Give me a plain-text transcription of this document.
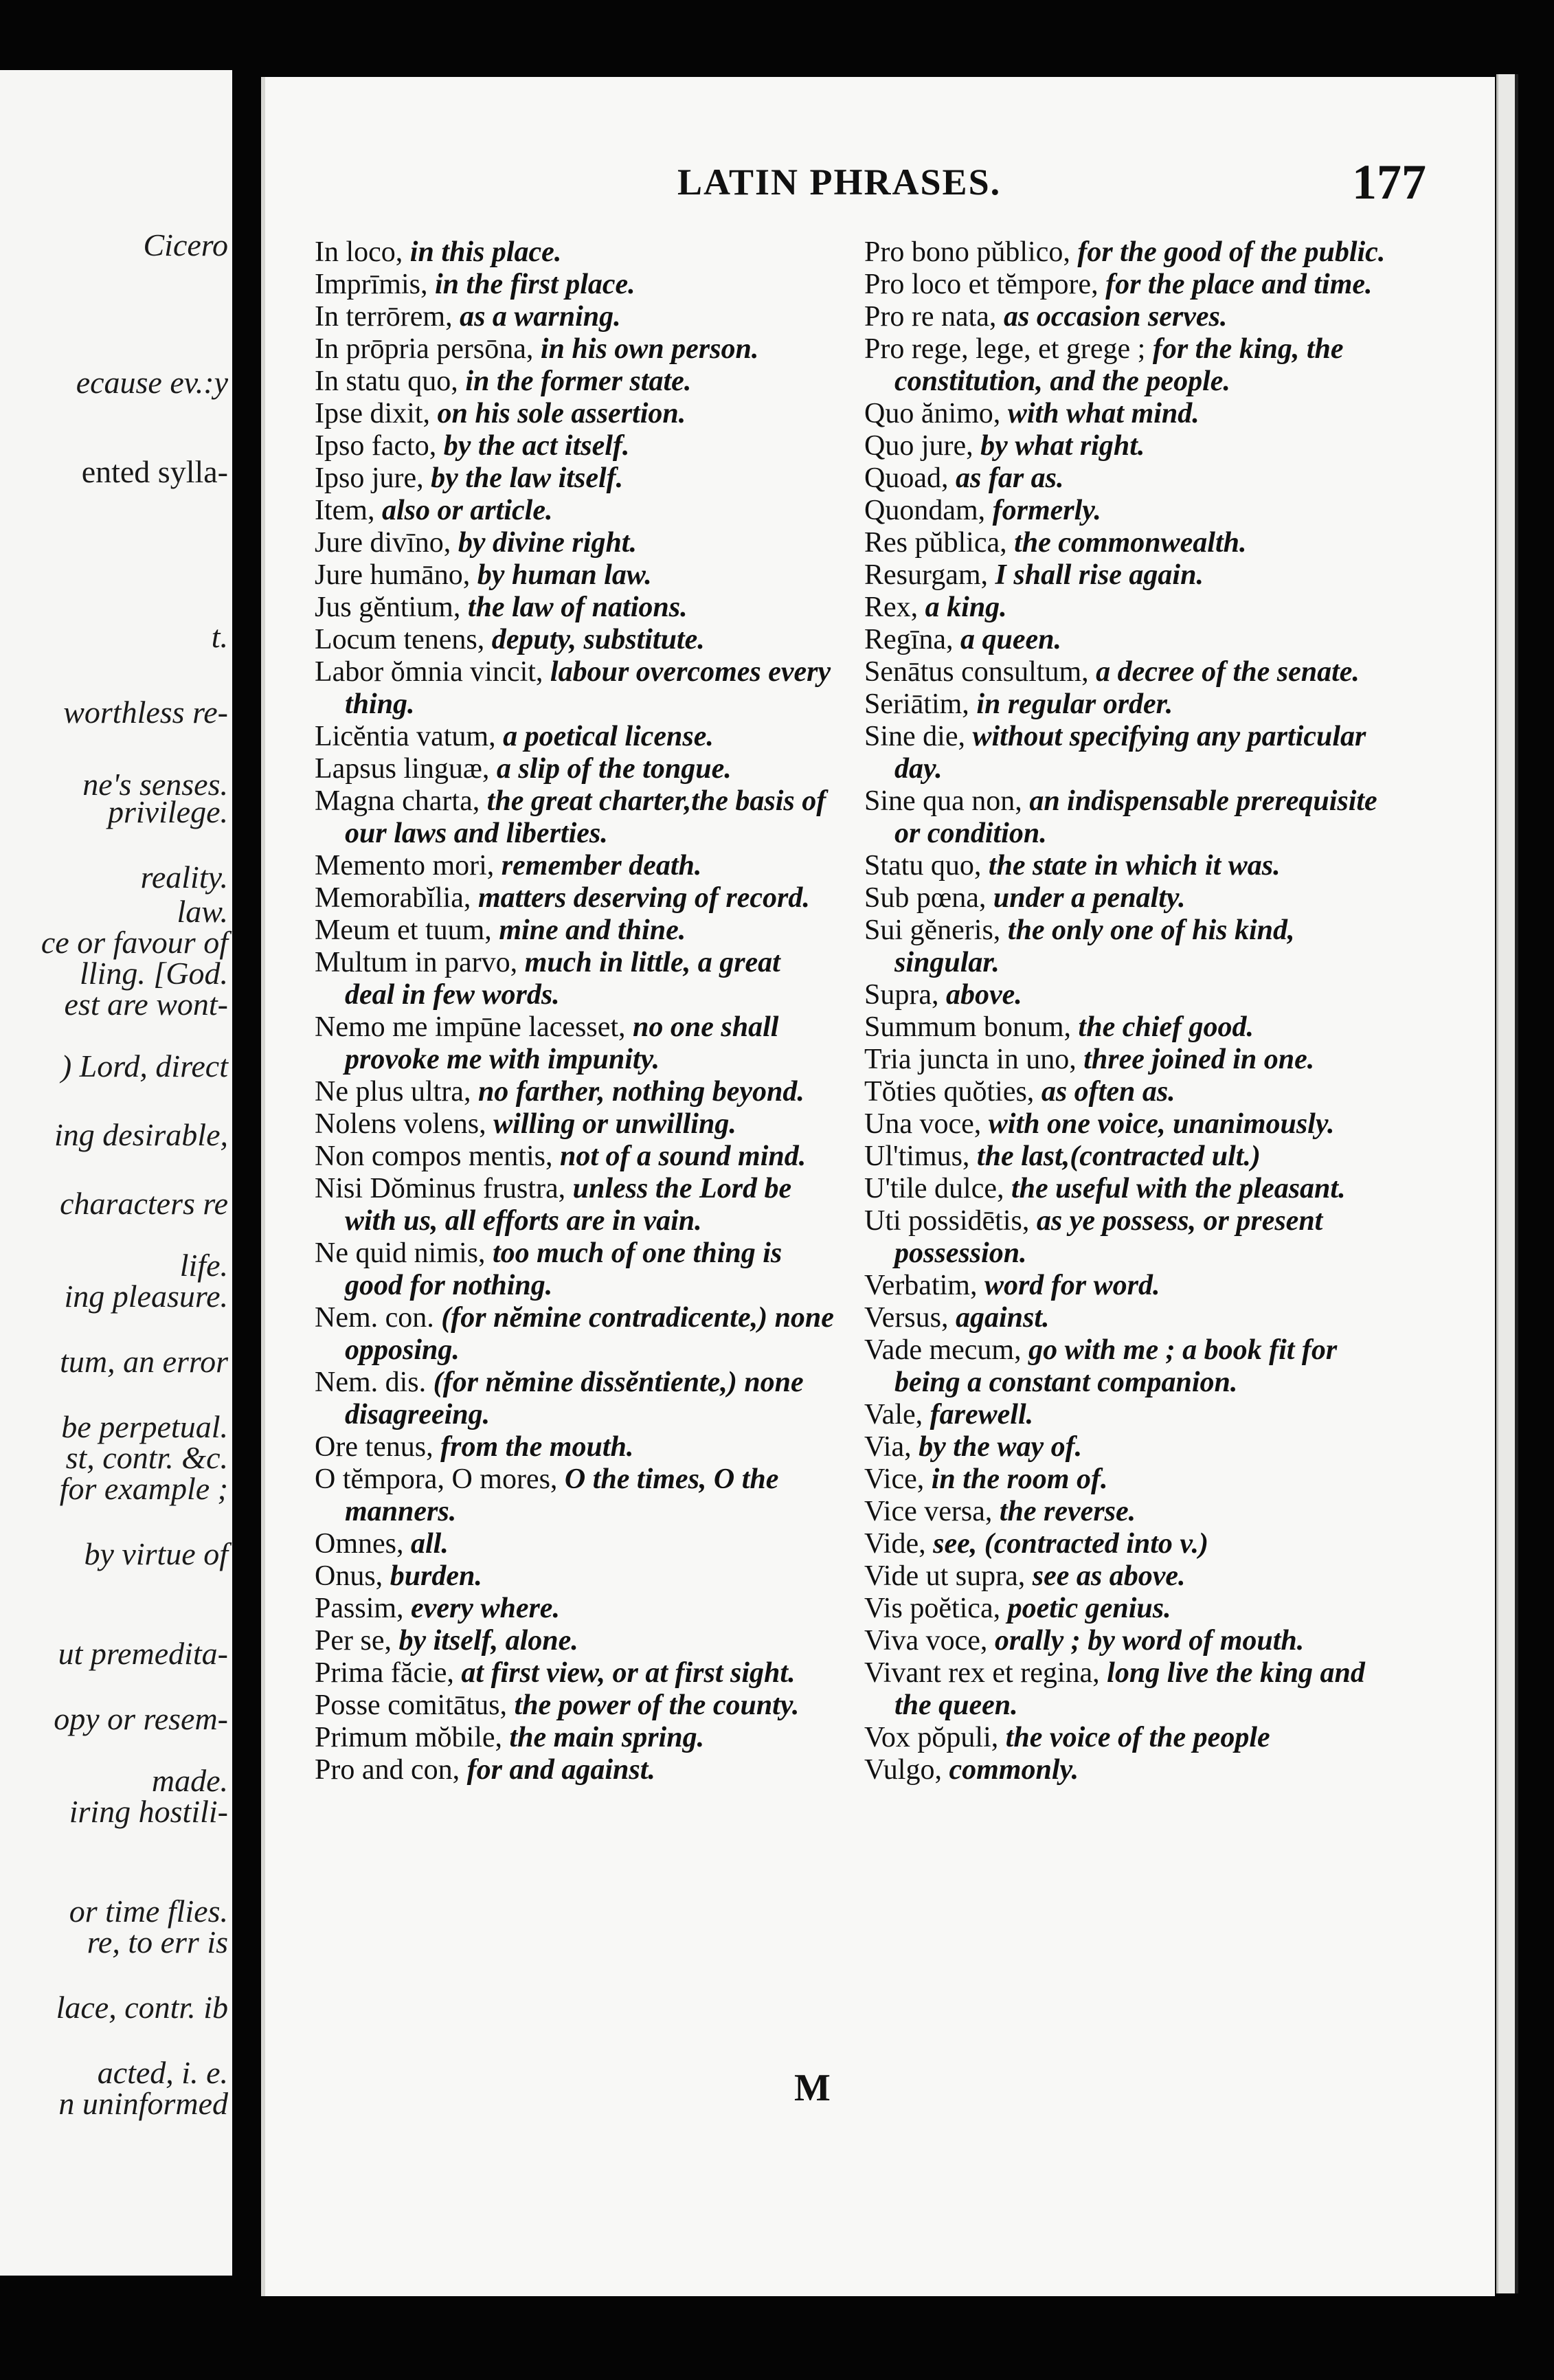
Cicero
ecause ev.:y
ented sylla-
t.
worthless re-
ne's senses.
privilege.
reality.
law.
ce or favour of
lling. [God.
est are wont-
) Lord, direct
ing desirable,
characters re
life.
ing pleasure.
tum, an error
be perpetual.
st, contr. &c.
for example ;
by virtue of
ut premedita-
opy or resem-
made.
iring hostili-
or time flies.
re, to err is
lace, contr. ib
acted, i. e.
n uninformed
LATIN PHRASES.	177
In loco, in this place.
Imprīmis, in the first place.
In terrōrem, as a warning.
In prōpria persōna, in his own person.
In statu quo, in the former state.
Ipse dixit, on his sole assertion.
Ipso facto, by the act itself.
Ipso jure, by the law itself.
Item, also or article.
Jure divīno, by divine right.
Jure humāno, by human law.
Jus gĕntium, the law of nations.
Locum tenens, deputy, substitute.
Labor ŏmnia vincit, labour overcomes every thing.
Licĕntia vatum, a poetical license.
Lapsus linguæ, a slip of the tongue.
Magna charta, the great charter,the basis of our laws and liberties.
Memento mori, remember death.
Memorabĭlia, matters deserving of record.
Meum et tuum, mine and thine.
Multum in parvo, much in little, a great deal in few words.
Nemo me impūne lacesset, no one shall provoke me with impunity.
Ne plus ultra, no farther, nothing beyond.
Nolens volens, willing or unwilling.
Non compos mentis, not of a sound mind.
Nisi Dŏminus frustra, unless the Lord be with us, all efforts are in vain.
Ne quid nimis, too much of one thing is good for nothing.
Nem. con. (for nĕmine contradicente,) none opposing.
Nem. dis. (for nĕmine dissĕntiente,) none disagreeing.
Ore tenus, from the mouth.
O tĕmpora, O mores, O the times, O the manners.
Omnes, all.
Onus, burden.
Passim, every where.
Per se, by itself, alone.
Prima făcie, at first view, or at first sight.
Posse comitātus, the power of the county.
Primum mŏbile, the main spring.
Pro and con, for and against.
Pro bono pŭblico, for the good of the public.
Pro loco et tĕmpore, for the place and time.
Pro re nata, as occasion serves.
Pro rege, lege, et grege ; for the king, the constitution, and the people.
Quo ănimo, with what mind.
Quo jure, by what right.
Quoad, as far as.
Quondam, formerly.
Res pŭblica, the commonwealth.
Resurgam, I shall rise again.
Rex, a king.
Regīna, a queen.
Senātus consultum, a decree of the senate.
Seriātim, in regular order.
Sine die, without specifying any particular day.
Sine qua non, an indispensable prerequisite or condition.
Statu quo, the state in which it was.
Sub pœna, under a penalty.
Sui gĕneris, the only one of his kind, singular.
Supra, above.
Summum bonum, the chief good.
Tria juncta in uno, three joined in one.
Tŏties quŏties, as often as.
Una voce, with one voice, unanimously.
Ul'timus, the last,(contracted ult.)
U'tile dulce, the useful with the pleasant.
Uti possidētis, as ye possess, or present possession.
Verbatim, word for word.
Versus, against.
Vade mecum, go with me ; a book fit for being a constant companion.
Vale, farewell.
Via, by the way of.
Vice, in the room of.
Vice versa, the reverse.
Vide, see, (contracted into v.)
Vide ut supra, see as above.
Vis poĕtica, poetic genius.
Viva voce, orally ; by word of mouth.
Vivant rex et regina, long live the king and the queen.
Vox pŏpuli, the voice of the people
Vulgo, commonly.
M
